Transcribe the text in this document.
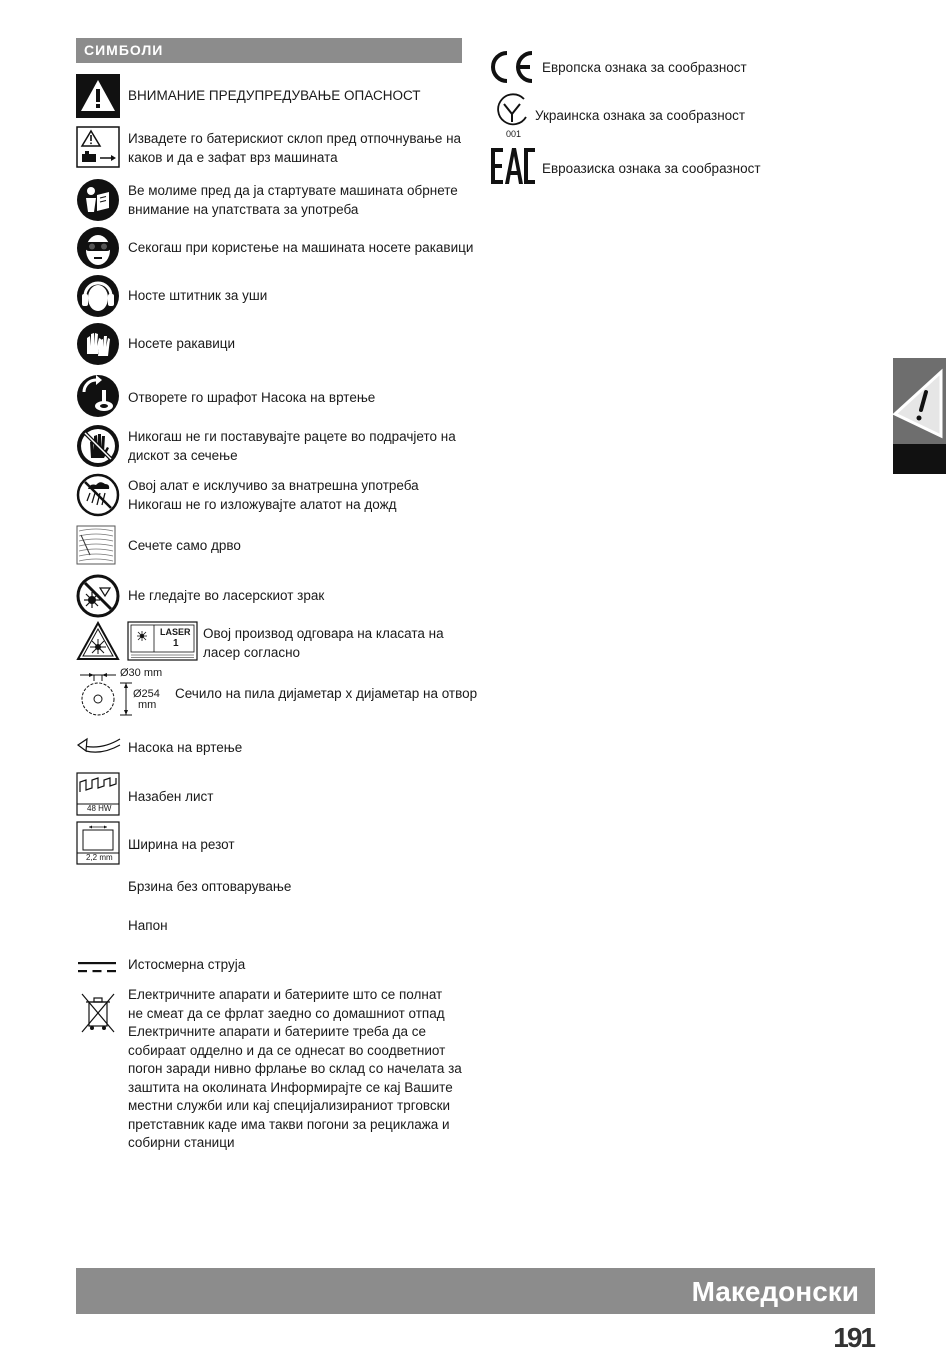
СИМБОЛИ
ВНИМАНИЕ ПРЕДУПРЕДУВАЊЕ ОПАСНОСТ
Извадете го батерискиот склоп пред отпочнување на
каков и да е зафат врз машината
Ве молиме пред да ја стартувате машината обрнете
внимание на упатствата за употреба
Секогаш при користење на машината носете ракавици
Носте штитник за уши
Носете ракавици
Отворете го шрафот Насока на вртење
Никогаш не ги поставувајте рацете во подрачјето на
дискот за сечење
Овој алат е исклучиво за внатрешна употреба
Никогаш не го изложувајте алатот на дожд
Сечете само дрво
Не гледајте во ласерскиот зрак
LASER
1
Овој производ одговара на класата на
ласер согласно
Ø30 mm
Ø254
mm
Сечило на пила дијаметар x дијаметар на отвор
Насока на вртење
48 HW
Назабен лист
2,2 mm
Ширина на резот
Брзина без оптоварување
Напон
Истосмерна струја
Електричните апарати и батериите што се полнат
не смеат да се фрлат заедно со домашниот отпад
Електричните апарати и батериите треба да се
собираат одделно и да се однесат во соодветниот
погон заради нивно фрлање во склад со начелата за
заштита на околината Информирајте се кај Вашите
местни служби или кај специјализираниот трговски
претставник каде има такви погони за рециклажа и
собирни станици
Европска ознака за сообразност
001
Украинска ознака за сообразност
Евроазиска ознака за сообразност
Македонски
191
